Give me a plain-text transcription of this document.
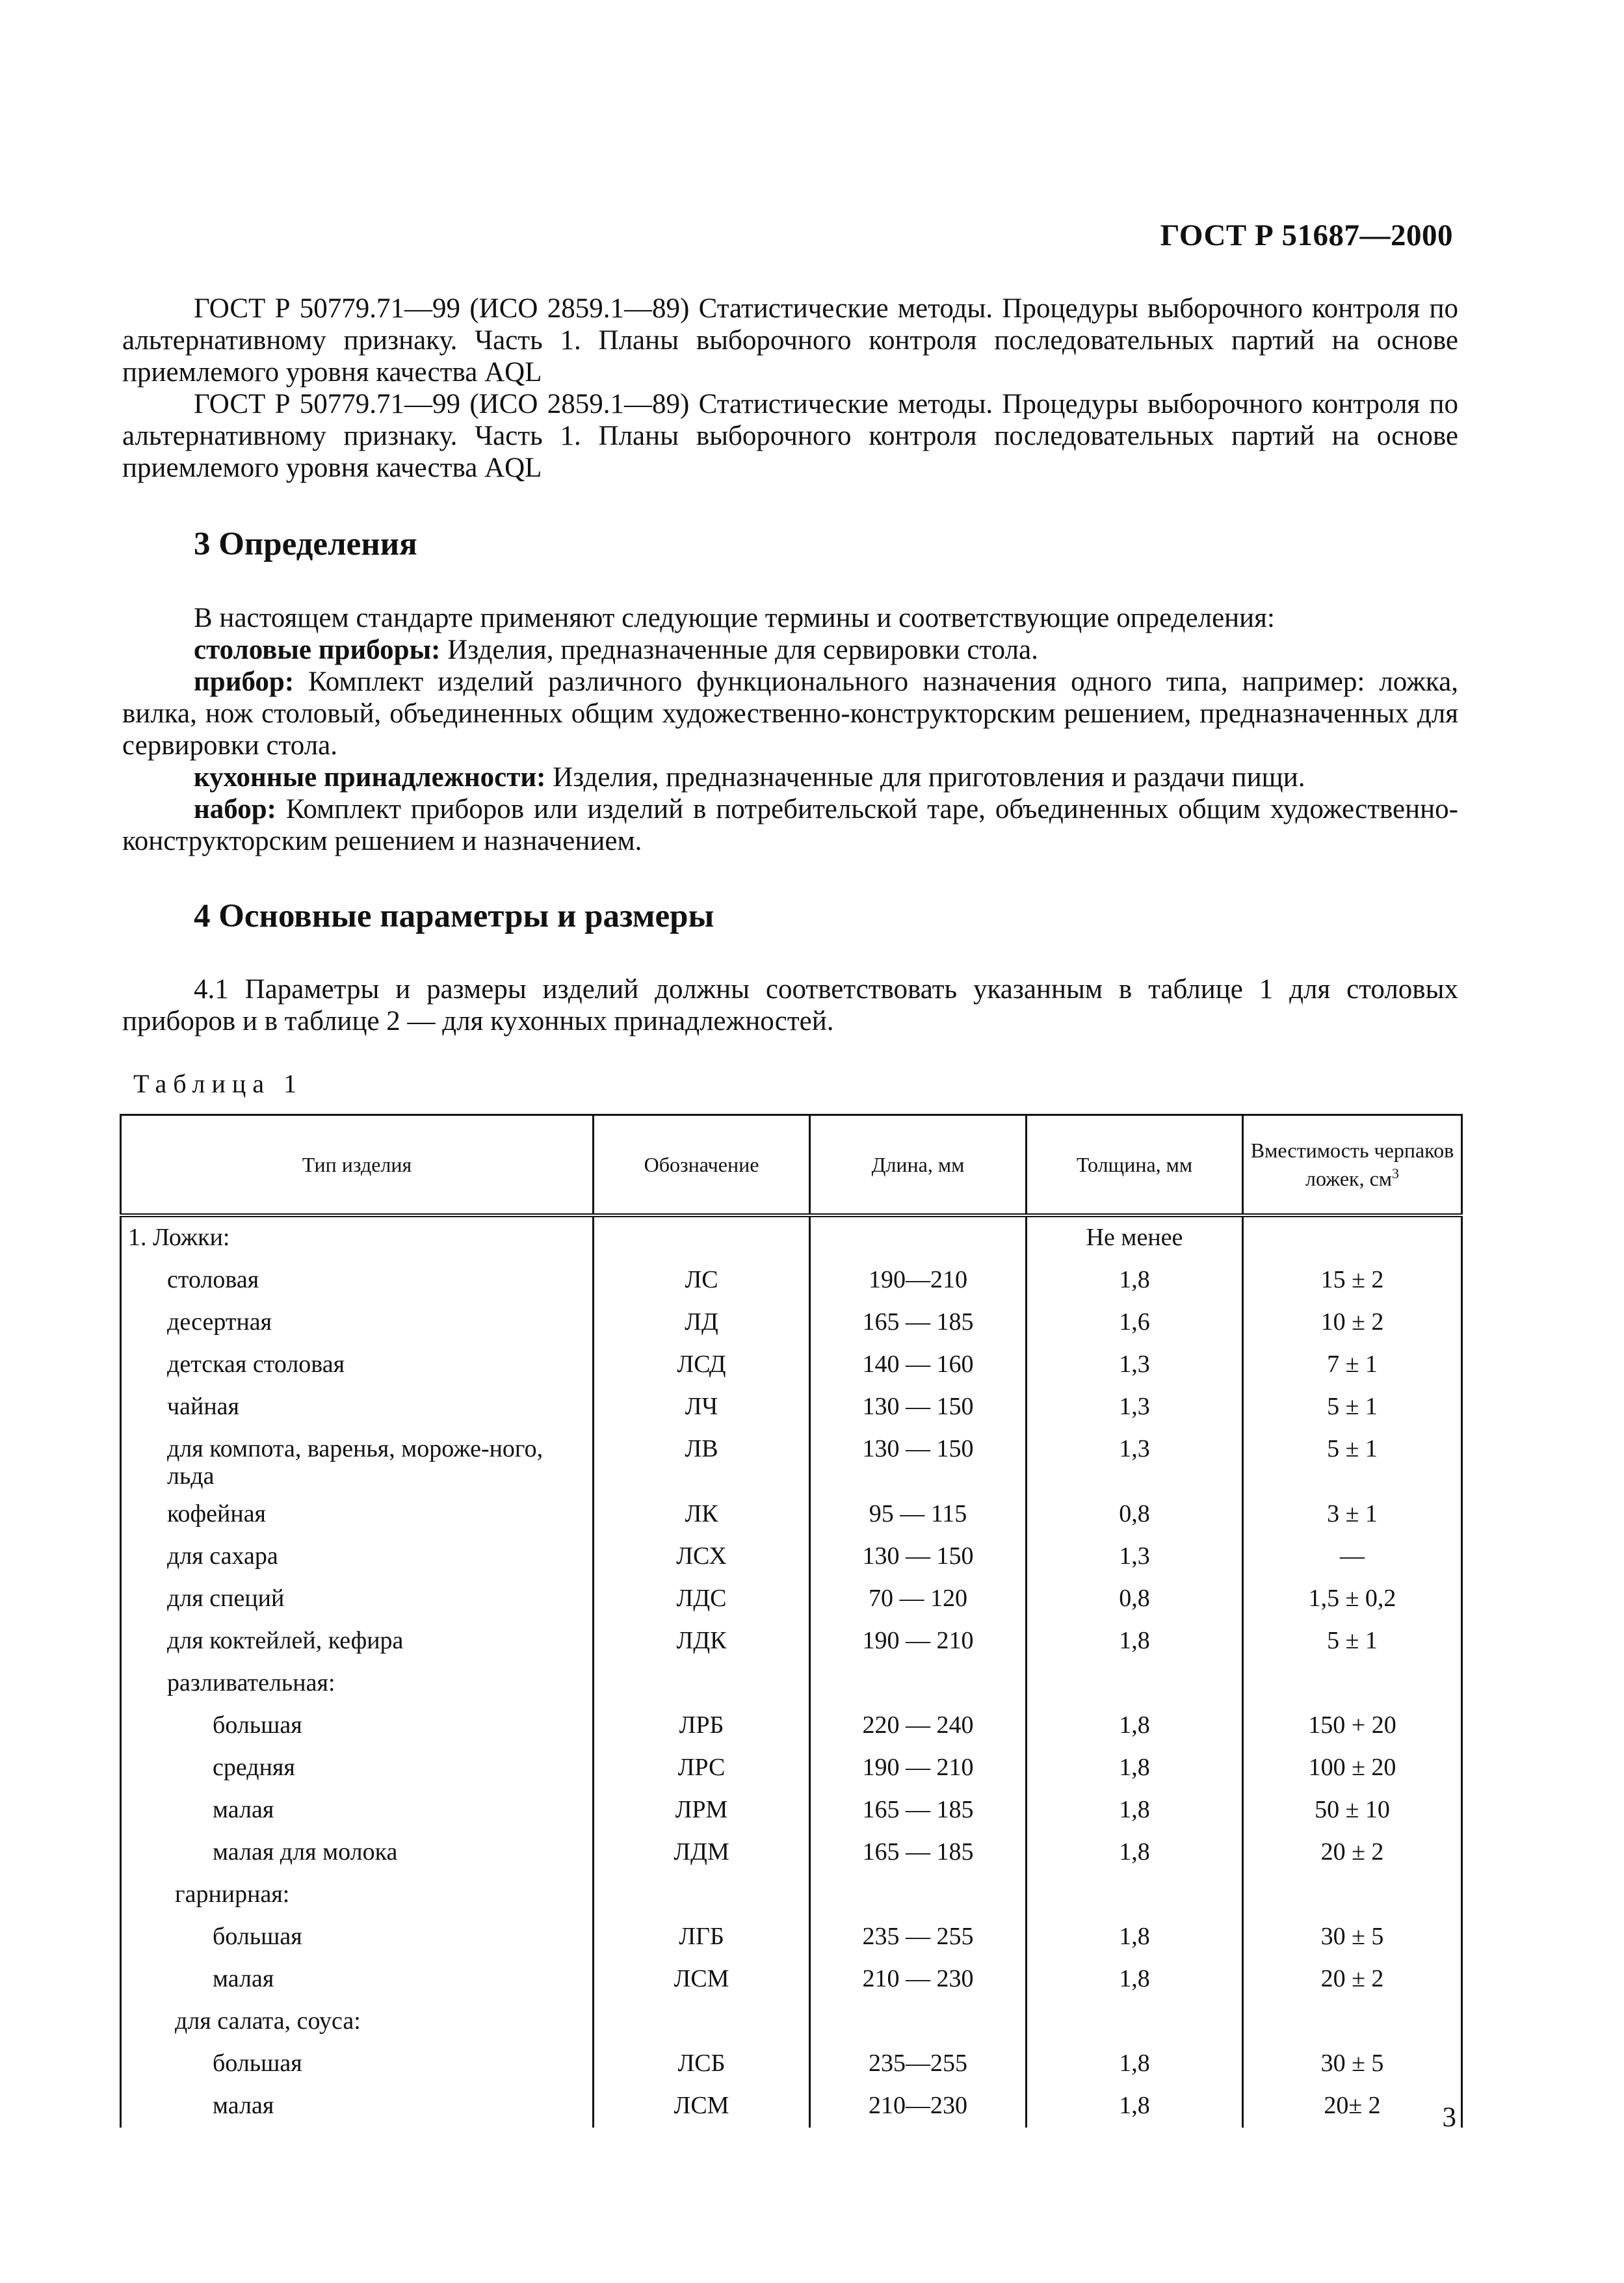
ГОСТ Р 51687—2000

ГОСТ Р 50779.71—99 (ИСО 2859.1—89) Статистические методы. Процедуры выборочного контроля по альтернативному признаку. Часть 1. Планы выборочного контроля последовательных партий на основе приемлемого уровня качества AQL

ГОСТ Р 50779.71—99 (ИСО 2859.1—89) Статистические методы. Процедуры выборочного контроля по альтернативному признаку. Часть 1. Планы выборочного контроля последовательных партий на основе приемлемого уровня качества AQL

3 Определения

В настоящем стандарте применяют следующие термины и соответствующие определения:

столовые приборы: Изделия, предназначенные для сервировки стола.

прибор: Комплект изделий различного функционального назначения одного типа, например: ложка, вилка, нож столовый, объединенных общим художественно-конструкторским решением, предназначенных для сервировки стола.

кухонные принадлежности: Изделия, предназначенные для приготовления и раздачи пищи.

набор: Комплект приборов или изделий в потребительской таре, объединенных общим художественно-конструкторским решением и назначением.

4 Основные параметры и размеры

4.1 Параметры и размеры изделий должны соответствовать указанным в таблице 1 для столовых приборов и в таблице 2 — для кухонных принадлежностей.

Таблица 1
Тип изделия	Обозначение	Длина, мм	Толщина, мм	Вместимость черпаков ложек, $см^3$
1. Ложки:			Не менее	
столовая	ЛС	190—210	1,8	15 ± 2
десертная	ЛД	165 — 185	1,6	10 ± 2
детская столовая	ЛСД	140 — 160	1,3	7 ± 1
чайная	ЛЧ	130 — 150	1,3	5 ± 1
для компота, варенья, мороже-ного, льда	ЛВ	130 — 150	1,3	5 ± 1
кофейная	ЛК	95 — 115	0,8	3 ± 1
для сахара	ЛСХ	130 — 150	1,3	—
для специй	ЛДС	70 — 120	0,8	1,5 ± 0,2
для коктейлей, кефира	ЛДК	190 — 210	1,8	5 ± 1
разливательная:				
большая	ЛРБ	220 — 240	1,8	150 + 20
средняя	ЛРС	190 — 210	1,8	100 ± 20
малая	ЛРМ	165 — 185	1,8	50 ± 10
малая для молока	ЛДМ	165 — 185	1,8	20 ± 2
гарнирная:				
большая	ЛГБ	235 — 255	1,8	30 ± 5
малая	ЛСМ	210 — 230	1,8	20 ± 2
для салата, соуса:				
большая	ЛСБ	235—255	1,8	30 ± 5
малая	ЛСМ	210—230	1,8	20± 2 3
